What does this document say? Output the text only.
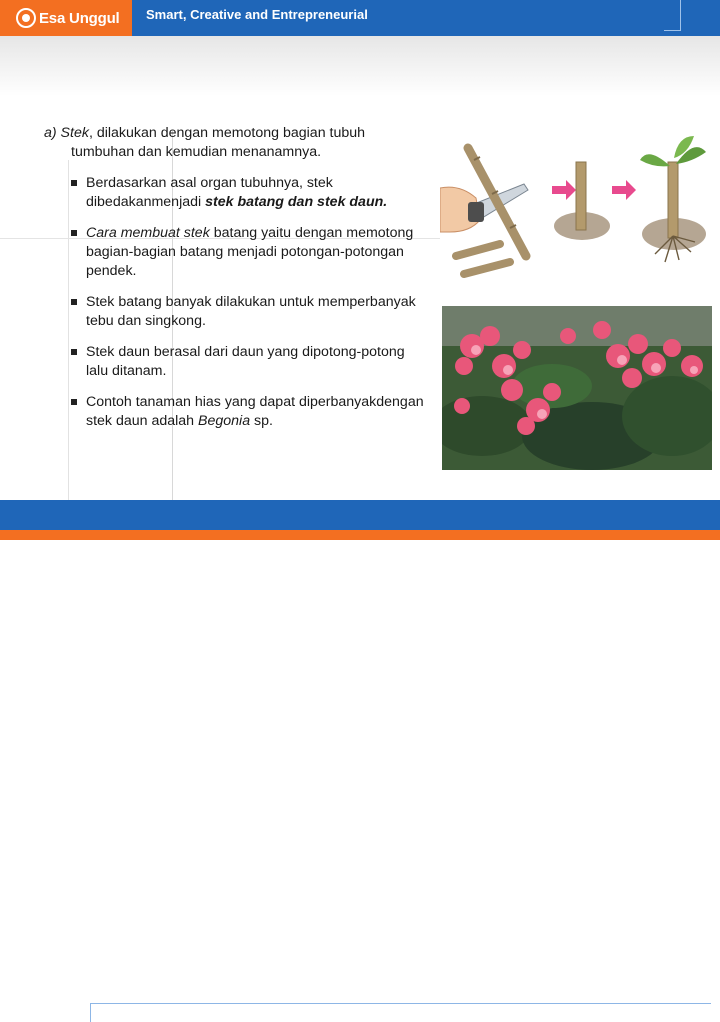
Esa Unggul Smart, Creative and Entrepreneurial

a) Stek, dilakukan dengan memotong bagian tubuh
tumbuhan dan kemudian menanamnya.

Berdasarkan asal organ tubuhnya, stek dibedakanmenjadi stek batang dan stek daun.
Cara membuat stek batang yaitu dengan memotong bagian-bagian batang menjadi potongan-potongan pendek.
Stek batang banyak dilakukan untuk memperbanyak tebu dan singkong.
Stek daun berasal dari daun yang dipotong-potong lalu ditanam.
Contoh tanaman hias yang dapat diperbanyakdengan stek daun adalah Begonia sp.
